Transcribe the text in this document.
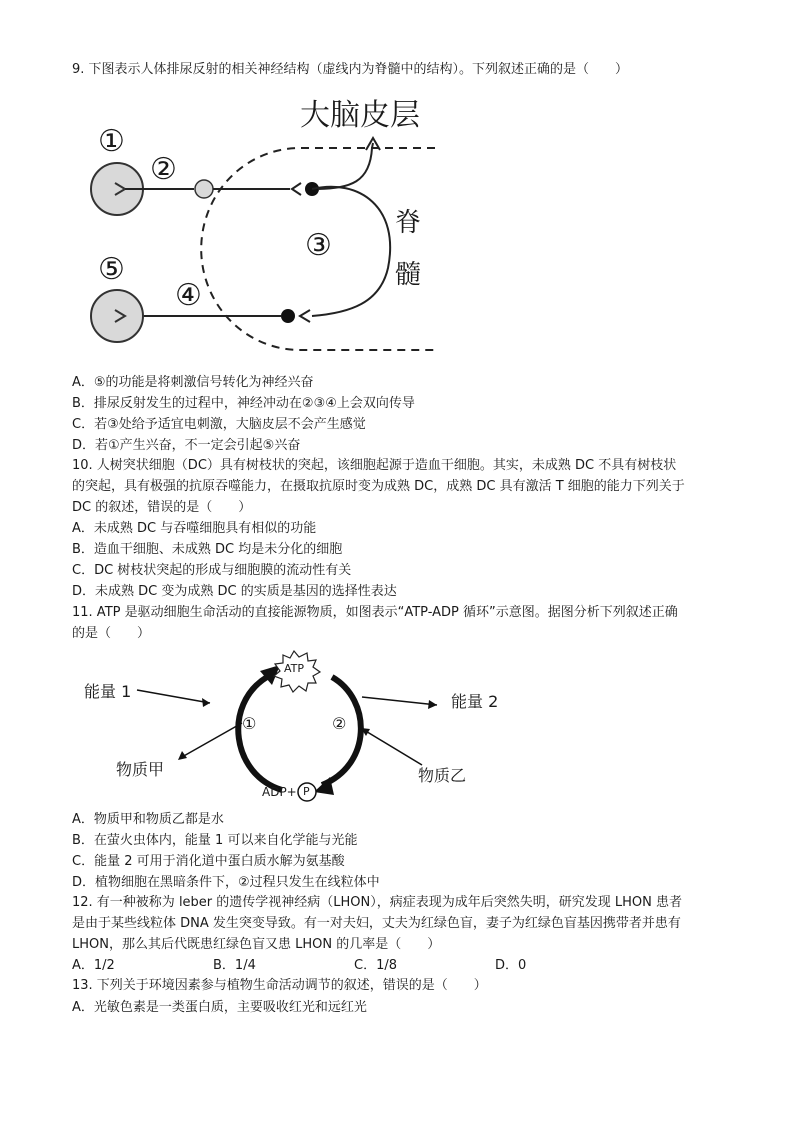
9. 下图表示人体排尿反射的相关神经结构（虚线内为脊髓中的结构）。下列叙述正确的是（　　）
大脑皮层
脊
髓
①
②
③
④
⑤
A．⑤的功能是将刺激信号转化为神经兴奋
B．排尿反射发生的过程中，神经冲动在②③④上会双向传导
C．若③处给予适宜电刺激，大脑皮层不会产生感觉
D．若①产生兴奋，不一定会引起⑤兴奋
10. 人树突状细胞（DC）具有树枝状的突起，该细胞起源于造血干细胞。其实，未成熟 DC 不具有树枝状
的突起，具有极强的抗原吞噬能力，在摄取抗原时变为成熟 DC，成熟 DC 具有激活 T 细胞的能力下列关于
DC 的叙述，错误的是（　　）
A．未成熟 DC 与吞噬细胞具有相似的功能
B．造血干细胞、未成熟 DC 均是未分化的细胞
C．DC 树枝状突起的形成与细胞膜的流动性有关
D．未成熟 DC 变为成熟 DC 的实质是基因的选择性表达
11. ATP 是驱动细胞生命活动的直接能源物质，如图表示“ATP-ADP 循环”示意图。据图分析下列叙述正确
的是（　　）
ATP
能量 1
能量 2
物质甲	物质乙
①	②
ADP+ P
A．物质甲和物质乙都是水
B．在萤火虫体内，能量 1 可以来自化学能与光能
C．能量 2 可用于消化道中蛋白质水解为氨基酸
D．植物细胞在黑暗条件下，②过程只发生在线粒体中
12. 有一种被称为 leber 的遗传学视神经病（LHON），病症表现为成年后突然失明，研究发现 LHON 患者
是由于某些线粒体 DNA 发生突变导致。有一对夫妇，丈夫为红绿色盲，妻子为红绿色盲基因携带者并患有
LHON，那么其后代既患红绿色盲又患 LHON 的几率是（　　）
A．1/2	B．1/4	C．1/8	D．0
13. 下列关于环境因素参与植物生命活动调节的叙述，错误的是（　　）
A．光敏色素是一类蛋白质，主要吸收红光和远红光
